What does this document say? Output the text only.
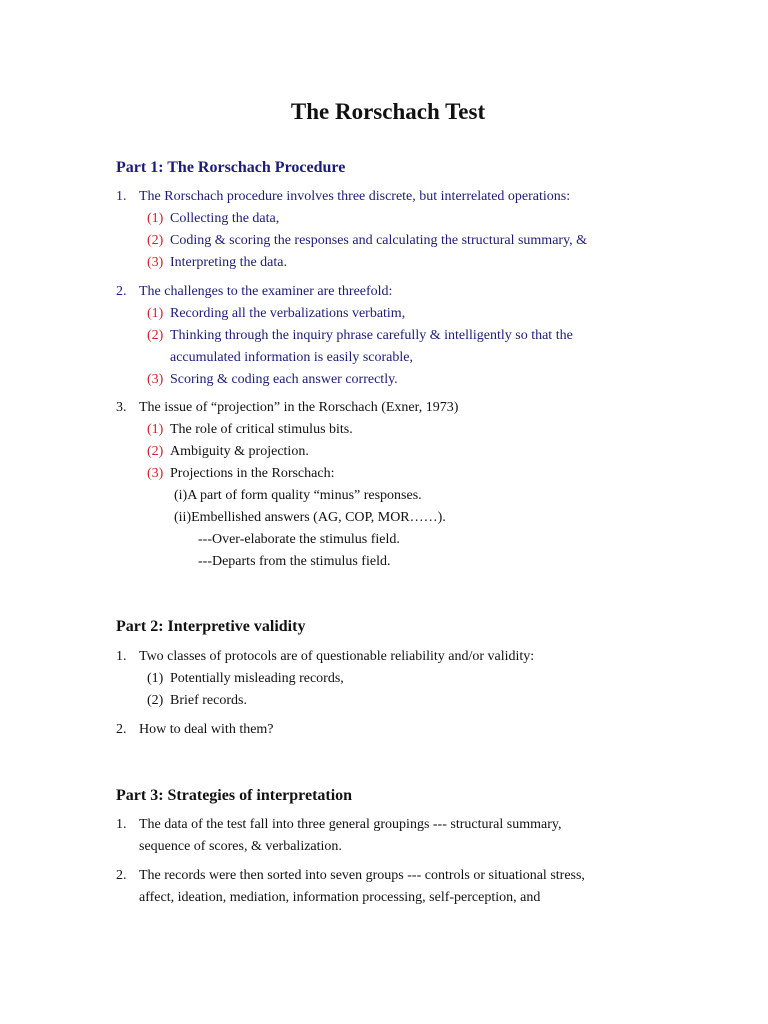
The Rorschach Test
Part 1: The Rorschach Procedure
1. The Rorschach procedure involves three discrete, but interrelated operations:
(1) Collecting the data,
(2) Coding & scoring the responses and calculating the structural summary, &
(3) Interpreting the data.
2. The challenges to the examiner are threefold:
(1) Recording all the verbalizations verbatim,
(2) Thinking through the inquiry phrase carefully & intelligently so that the
accumulated information is easily scorable,
(3) Scoring & coding each answer correctly.
3. The issue of “projection” in the Rorschach (Exner, 1973)
(1) The role of critical stimulus bits.
(2) Ambiguity & projection.
(3) Projections in the Rorschach:
(i)A part of form quality “minus” responses.
(ii)Embellished answers (AG, COP, MOR……).
---Over-elaborate the stimulus field.
---Departs from the stimulus field.
Part 2: Interpretive validity
1. Two classes of protocols are of questionable reliability and/or validity:
(1) Potentially misleading records,
(2) Brief records.
2. How to deal with them?
Part 3: Strategies of interpretation
1. The data of the test fall into three general groupings --- structural summary,
sequence of scores, & verbalization.
2. The records were then sorted into seven groups --- controls or situational stress,
affect, ideation, mediation, information processing, self-perception, and
